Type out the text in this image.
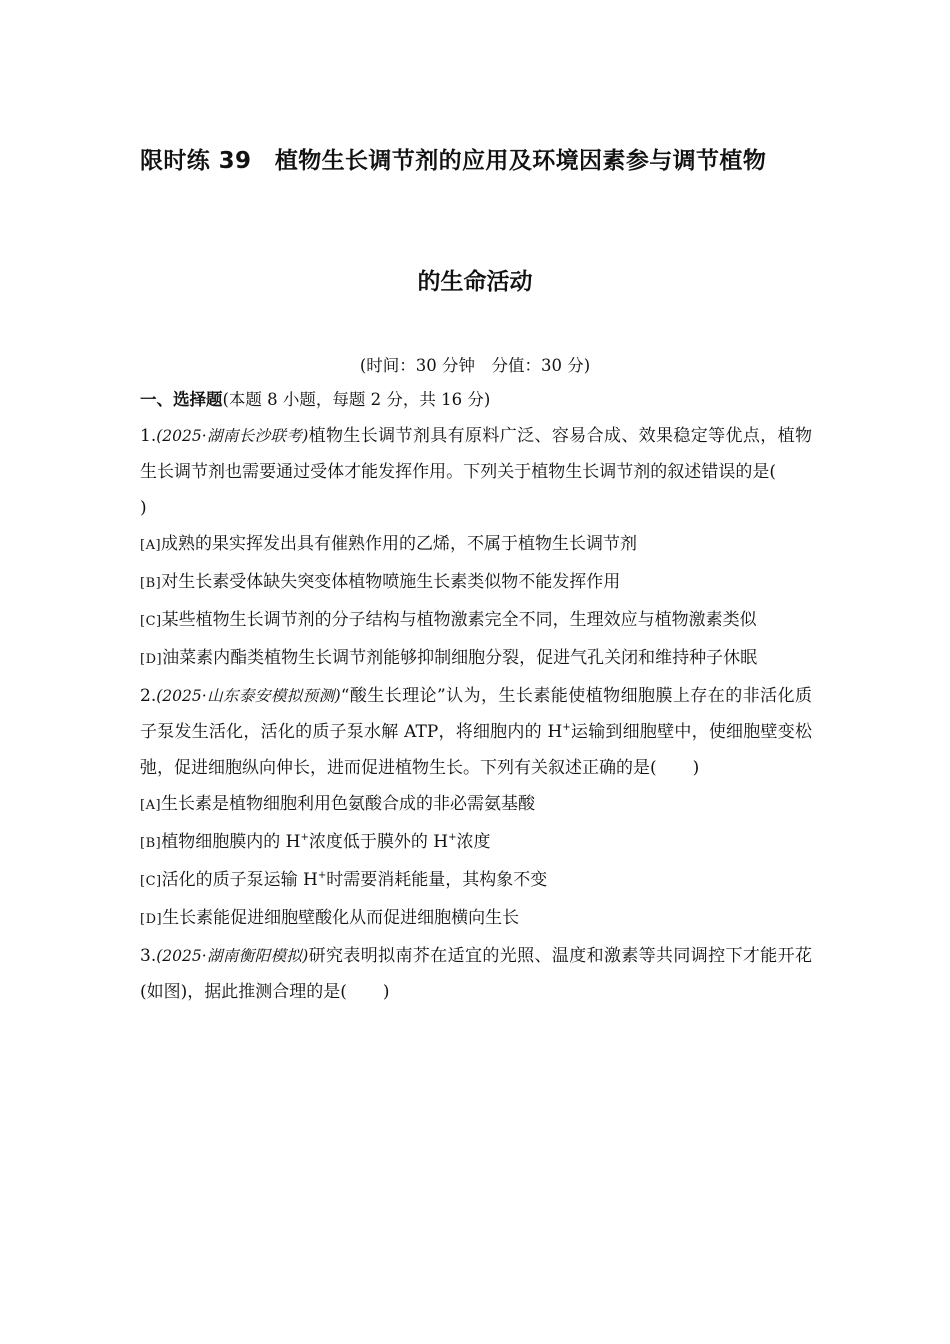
限时练 39　植物生长调节剂的应用及环境因素参与调节植物
的生命活动
(时间：30 分钟　分值：30 分)
一、选择题(本题 8 小题，每题 2 分，共 16 分)
1.(2025·湖南长沙联考)植物生长调节剂具有原料广泛、容易合成、效果稳定等优点，植物生长调节剂也需要通过受体才能发挥作用。下列关于植物生长调节剂的叙述错误的是()
[A]成熟的果实挥发出具有催熟作用的乙烯，不属于植物生长调节剂
[B]对生长素受体缺失突变体植物喷施生长素类似物不能发挥作用
[C]某些植物生长调节剂的分子结构与植物激素完全不同，生理效应与植物激素类似
[D]油菜素内酯类植物生长调节剂能够抑制细胞分裂，促进气孔关闭和维持种子休眠
2.(2025·山东泰安模拟预测)“酸生长理论”认为，生长素能使植物细胞膜上存在的非活化质子泵发生活化，活化的质子泵水解 ATP，将细胞内的 H+运输到细胞壁中，使细胞壁变松弛，促进细胞纵向伸长，进而促进植物生长。下列有关叙述正确的是( )
[A]生长素是植物细胞利用色氨酸合成的非必需氨基酸
[B]植物细胞膜内的 H+浓度低于膜外的 H+浓度
[C]活化的质子泵运输 H+时需要消耗能量，其构象不变
[D]生长素能促进细胞壁酸化从而促进细胞横向生长
3.(2025·湖南衡阳模拟)研究表明拟南芥在适宜的光照、温度和激素等共同调控下才能开花(如图)，据此推测合理的是( )
